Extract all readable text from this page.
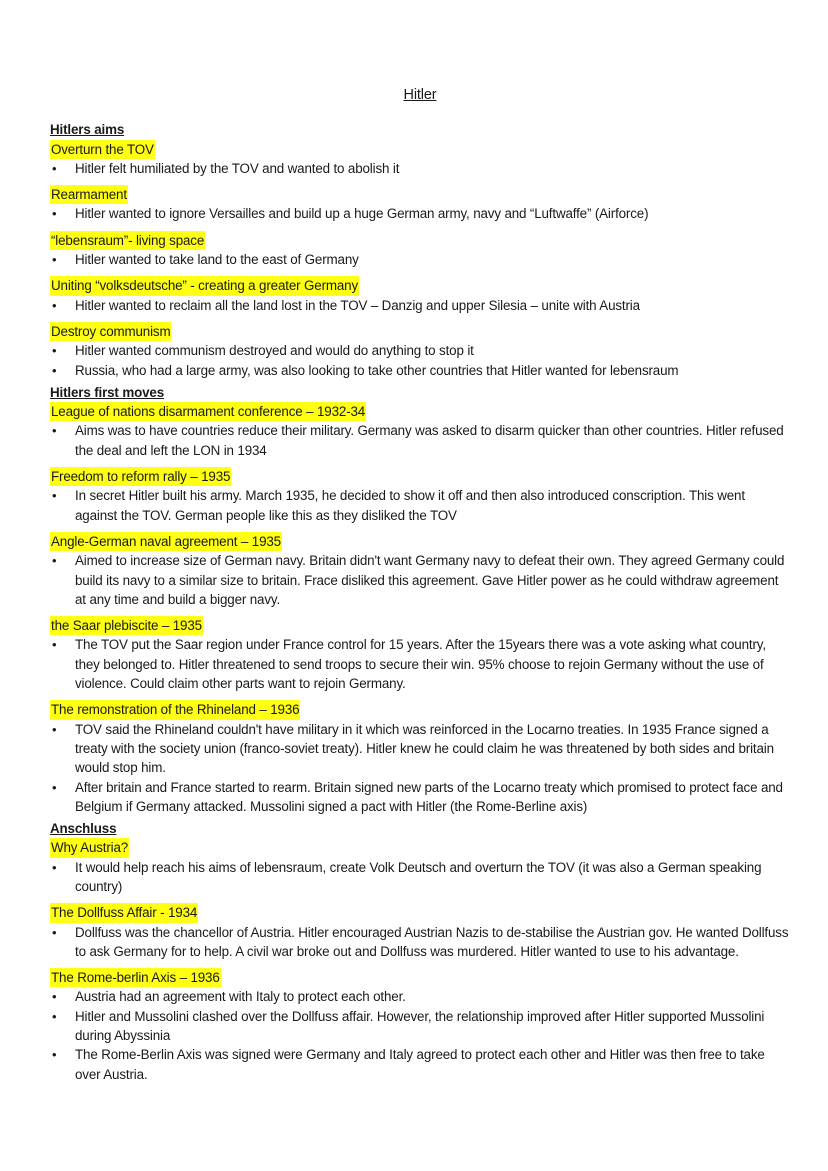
Hitler
Hitlers aims
Overturn the TOV
• Hitler felt humiliated by the TOV and wanted to abolish it
Rearmament
• Hitler wanted to ignore Versailles and build up a huge German army, navy and “Luftwaffe” (Airforce)
“lebensraum”- living space
• Hitler wanted to take land to the east of Germany
Uniting “volksdeutsche” - creating a greater Germany
• Hitler wanted to reclaim all the land lost in the TOV – Danzig and upper Silesia – unite with Austria
Destroy communism
• Hitler wanted communism destroyed and would do anything to stop it
• Russia, who had a large army, was also looking to take other countries that Hitler wanted for lebensraum
Hitlers first moves
League of nations disarmament conference – 1932-34
• Aims was to have countries reduce their military. Germany was asked to disarm quicker than other countries. Hitler refused the deal and left the LON in 1934
Freedom to reform rally – 1935
• In secret Hitler built his army. March 1935, he decided to show it off and then also introduced conscription. This went against the TOV. German people like this as they disliked the TOV
Angle-German naval agreement – 1935
• Aimed to increase size of German navy. Britain didn't want Germany navy to defeat their own. They agreed Germany could build its navy to a similar size to britain. Frace disliked this agreement. Gave Hitler power as he could withdraw agreement at any time and build a bigger navy.
the Saar plebiscite – 1935
• The TOV put the Saar region under France control for 15 years. After the 15years there was a vote asking what country, they belonged to. Hitler threatened to send troops to secure their win. 95% choose to rejoin Germany without the use of violence. Could claim other parts want to rejoin Germany.
The remonstration of the Rhineland – 1936
• TOV said the Rhineland couldn't have military in it which was reinforced in the Locarno treaties. In 1935 France signed a treaty with the society union (franco-soviet treaty). Hitler knew he could claim he was threatened by both sides and britain would stop him.
• After britain and France started to rearm. Britain signed new parts of the Locarno treaty which promised to protect face and Belgium if Germany attacked. Mussolini signed a pact with Hitler (the Rome-Berline axis)
Anschluss
Why Austria?
• It would help reach his aims of lebensraum, create Volk Deutsch and overturn the TOV (it was also a German speaking country)
The Dollfuss Affair - 1934
• Dollfuss was the chancellor of Austria. Hitler encouraged Austrian Nazis to de-stabilise the Austrian gov. He wanted Dollfuss to ask Germany for to help. A civil war broke out and Dollfuss was murdered. Hitler wanted to use to his advantage.
The Rome-berlin Axis – 1936
• Austria had an agreement with Italy to protect each other.
• Hitler and Mussolini clashed over the Dollfuss affair. However, the relationship improved after Hitler supported Mussolini during Abyssinia
• The Rome-Berlin Axis was signed were Germany and Italy agreed to protect each other and Hitler was then free to take over Austria.
